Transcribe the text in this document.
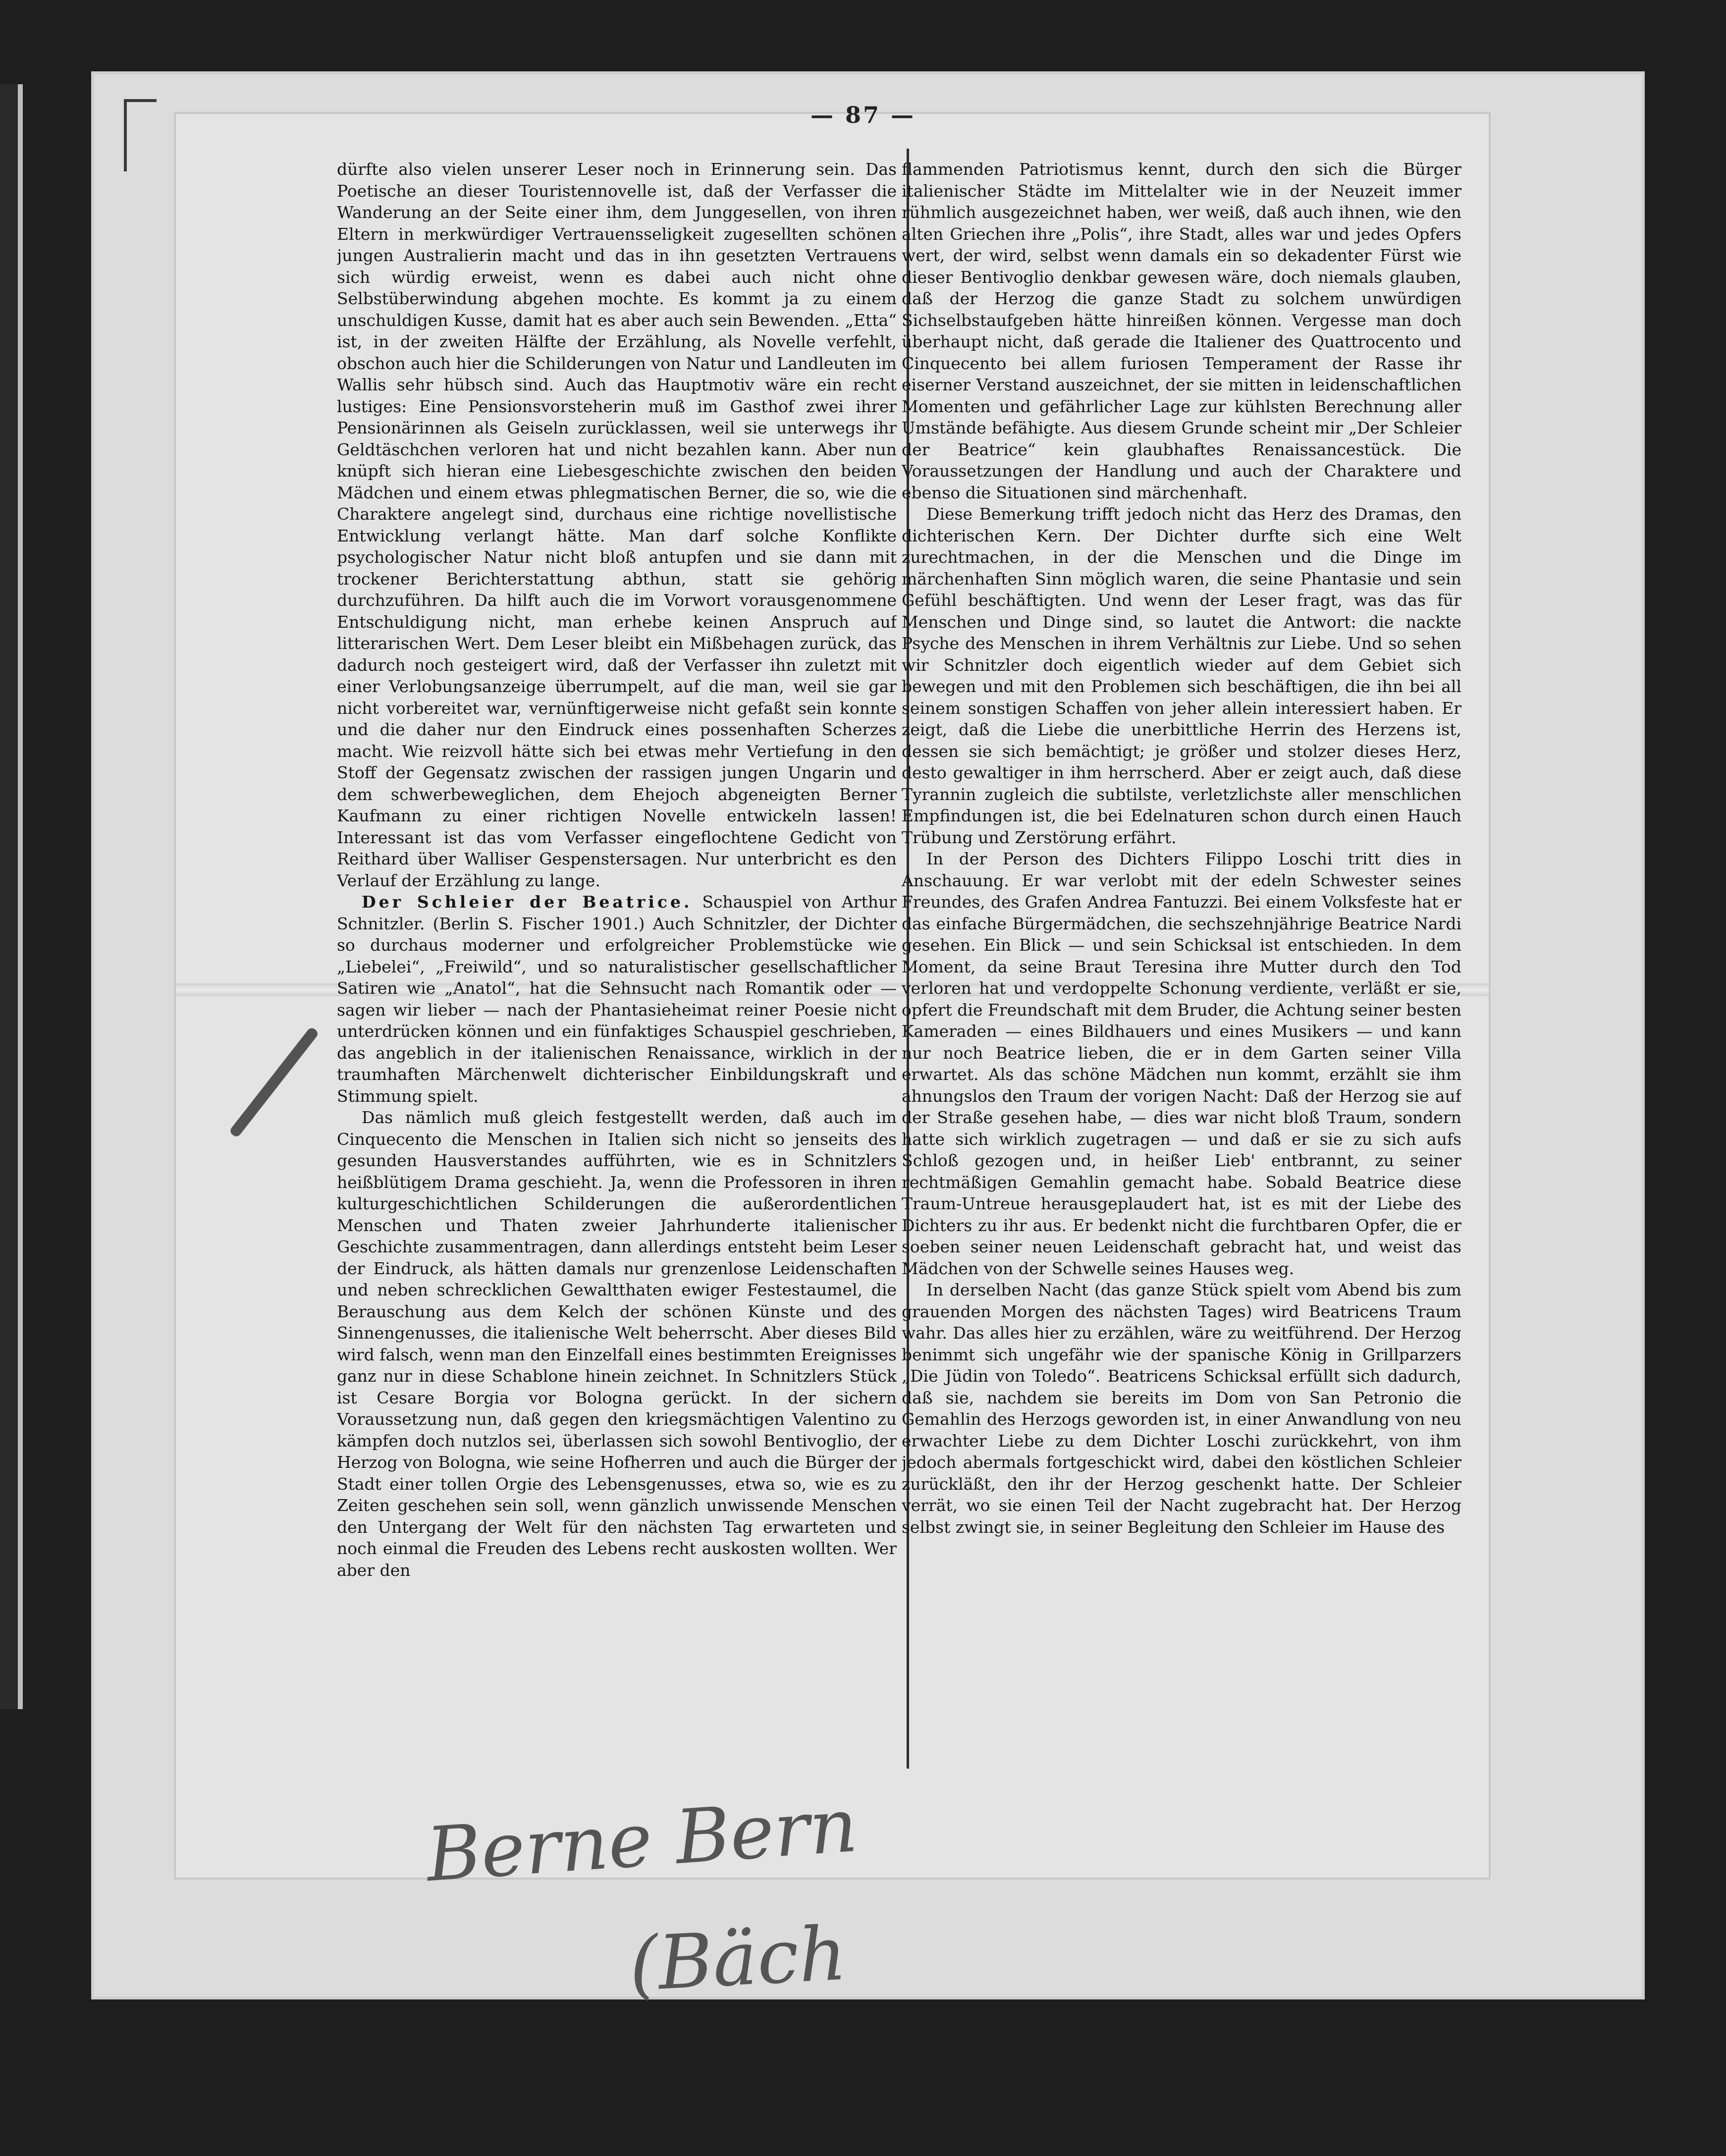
— 87 —

dürfte also vielen unserer Leser noch in Erinnerung sein. Das Poetische an dieser Touristennovelle ist, daß der Verfasser die Wanderung an der Seite einer ihm, dem Junggesellen, von ihren Eltern in merkwürdiger Vertrauensseligkeit zugesellten schönen jungen Australierin macht und das in ihn gesetzten Vertrauens sich würdig erweist, wenn es dabei auch nicht ohne Selbstüberwindung abgehen mochte. Es kommt ja zu einem unschuldigen Kusse, damit hat es aber auch sein Bewenden. „Etta“ ist, in der zweiten Hälfte der Erzählung, als Novelle verfehlt, obschon auch hier die Schilderungen von Natur und Landleuten im Wallis sehr hübsch sind. Auch das Hauptmotiv wäre ein recht lustiges: Eine Pensionsvorsteherin muß im Gasthof zwei ihrer Pensionärinnen als Geiseln zurücklassen, weil sie unterwegs ihr Geldtäschchen verloren hat und nicht bezahlen kann. Aber nun knüpft sich hieran eine Liebesgeschichte zwischen den beiden Mädchen und einem etwas phlegmatischen Berner, die so, wie die Charaktere angelegt sind, durchaus eine richtige novellistische Entwicklung verlangt hätte. Man darf solche Konflikte psychologischer Natur nicht bloß antupfen und sie dann mit trockener Berichterstattung abthun, statt sie gehörig durchzuführen. Da hilft auch die im Vorwort vorausgenommene Entschuldigung nicht, man erhebe keinen Anspruch auf litterarischen Wert. Dem Leser bleibt ein Mißbehagen zurück, das dadurch noch gesteigert wird, daß der Verfasser ihn zuletzt mit einer Verlobungsanzeige überrumpelt, auf die man, weil sie gar nicht vorbereitet war, vernünftigerweise nicht gefaßt sein konnte und die daher nur den Eindruck eines possenhaften Scherzes macht. Wie reizvoll hätte sich bei etwas mehr Vertiefung in den Stoff der Gegensatz zwischen der rassigen jungen Ungarin und dem schwerbeweglichen, dem Ehejoch abgeneigten Berner Kaufmann zu einer richtigen Novelle entwickeln lassen! Interessant ist das vom Verfasser eingeflochtene Gedicht von Reithard über Walliser Gespenstersagen. Nur unterbricht es den Verlauf der Erzählung zu lange.

Der Schleier der Beatrice. Schauspiel von Arthur Schnitzler. (Berlin S. Fischer 1901.) Auch Schnitzler, der Dichter so durchaus moderner und erfolgreicher Problemstücke wie „Liebelei“, „Freiwild“, und so naturalistischer gesellschaftlicher Satiren wie „Anatol“, hat die Sehnsucht nach Romantik oder — sagen wir lieber — nach der Phantasieheimat reiner Poesie nicht unterdrücken können und ein fünfaktiges Schauspiel geschrieben, das angeblich in der italienischen Renaissance, wirklich in der traumhaften Märchenwelt dichterischer Einbildungskraft und Stimmung spielt.

Das nämlich muß gleich festgestellt werden, daß auch im Cinquecento die Menschen in Italien sich nicht so jenseits des gesunden Hausverstandes aufführten, wie es in Schnitzlers heißblütigem Drama geschieht. Ja, wenn die Professoren in ihren kulturgeschichtlichen Schilderungen die außerordentlichen Menschen und Thaten zweier Jahrhunderte italienischer Geschichte zusammentragen, dann allerdings entsteht beim Leser der Eindruck, als hätten damals nur grenzenlose Leidenschaften und neben schrecklichen Gewaltthaten ewiger Festestaumel, die Berauschung aus dem Kelch der schönen Künste und des Sinnengenusses, die italienische Welt beherrscht. Aber dieses Bild wird falsch, wenn man den Einzelfall eines bestimmten Ereignisses ganz nur in diese Schablone hinein zeichnet. In Schnitzlers Stück ist Cesare Borgia vor Bologna gerückt. In der sichern Voraussetzung nun, daß gegen den kriegsmächtigen Valentino zu kämpfen doch nutzlos sei, überlassen sich sowohl Bentivoglio, der Herzog von Bologna, wie seine Hofherren und auch die Bürger der Stadt einer tollen Orgie des Lebensgenusses, etwa so, wie es zu Zeiten geschehen sein soll, wenn gänzlich unwissende Menschen den Untergang der Welt für den nächsten Tag erwarteten und noch einmal die Freuden des Lebens recht auskosten wollten. Wer aber den

flammenden Patriotismus kennt, durch den sich die Bürger italienischer Städte im Mittelalter wie in der Neuzeit immer rühmlich ausgezeichnet haben, wer weiß, daß auch ihnen, wie den alten Griechen ihre „Polis“, ihre Stadt, alles war und jedes Opfers wert, der wird, selbst wenn damals ein so dekadenter Fürst wie dieser Bentivoglio denkbar gewesen wäre, doch niemals glauben, daß der Herzog die ganze Stadt zu solchem unwürdigen Sichselbstaufgeben hätte hinreißen können. Vergesse man doch überhaupt nicht, daß gerade die Italiener des Quattrocento und Cinquecento bei allem furiosen Temperament der Rasse ihr eiserner Verstand auszeichnet, der sie mitten in leidenschaftlichen Momenten und gefährlicher Lage zur kühlsten Berechnung aller Umstände befähigte. Aus diesem Grunde scheint mir „Der Schleier der Beatrice“ kein glaubhaftes Renaissancestück. Die Voraussetzungen der Handlung und auch der Charaktere und ebenso die Situationen sind märchenhaft.

Diese Bemerkung trifft jedoch nicht das Herz des Dramas, den dichterischen Kern. Der Dichter durfte sich eine Welt zurechtmachen, in der die Menschen und die Dinge im märchenhaften Sinn möglich waren, die seine Phantasie und sein Gefühl beschäftigten. Und wenn der Leser fragt, was das für Menschen und Dinge sind, so lautet die Antwort: die nackte Psyche des Menschen in ihrem Verhältnis zur Liebe. Und so sehen wir Schnitzler doch eigentlich wieder auf dem Gebiet sich bewegen und mit den Problemen sich beschäftigen, die ihn bei all seinem sonstigen Schaffen von jeher allein interessiert haben. Er zeigt, daß die Liebe die unerbittliche Herrin des Herzens ist, dessen sie sich bemächtigt; je größer und stolzer dieses Herz, desto gewaltiger in ihm herrscherd. Aber er zeigt auch, daß diese Tyrannin zugleich die subtilste, verletzlichste aller menschlichen Empfindungen ist, die bei Edelnaturen schon durch einen Hauch Trübung und Zerstörung erfährt.

In der Person des Dichters Filippo Loschi tritt dies in Anschauung. Er war verlobt mit der edeln Schwester seines Freundes, des Grafen Andrea Fantuzzi. Bei einem Volksfeste hat er das einfache Bürgermädchen, die sechszehnjährige Beatrice Nardi gesehen. Ein Blick — und sein Schicksal ist entschieden. In dem Moment, da seine Braut Teresina ihre Mutter durch den Tod verloren hat und verdoppelte Schonung verdiente, verläßt er sie, opfert die Freundschaft mit dem Bruder, die Achtung seiner besten Kameraden — eines Bildhauers und eines Musikers — und kann nur noch Beatrice lieben, die er in dem Garten seiner Villa erwartet. Als das schöne Mädchen nun kommt, erzählt sie ihm ahnungslos den Traum der vorigen Nacht: Daß der Herzog sie auf der Straße gesehen habe, — dies war nicht bloß Traum, sondern hatte sich wirklich zugetragen — und daß er sie zu sich aufs Schloß gezogen und, in heißer Lieb' entbrannt, zu seiner rechtmäßigen Gemahlin gemacht habe. Sobald Beatrice diese Traum-Untreue herausgeplaudert hat, ist es mit der Liebe des Dichters zu ihr aus. Er bedenkt nicht die furchtbaren Opfer, die er soeben seiner neuen Leidenschaft gebracht hat, und weist das Mädchen von der Schwelle seines Hauses weg.

In derselben Nacht (das ganze Stück spielt vom Abend bis zum grauenden Morgen des nächsten Tages) wird Beatricens Traum wahr. Das alles hier zu erzählen, wäre zu weitführend. Der Herzog benimmt sich ungefähr wie der spanische König in Grillparzers „Die Jüdin von Toledo“. Beatricens Schicksal erfüllt sich dadurch, daß sie, nachdem sie bereits im Dom von San Petronio die Gemahlin des Herzogs geworden ist, in einer Anwandlung von neu erwachter Liebe zu dem Dichter Loschi zurückkehrt, von ihm jedoch abermals fortgeschickt wird, dabei den köstlichen Schleier zurückläßt, den ihr der Herzog geschenkt hatte. Der Schleier verrät, wo sie einen Teil der Nacht zugebracht hat. Der Herzog selbst zwingt sie, in seiner Begleitung den Schleier im Hause des

Berne Bern
(Bäch
